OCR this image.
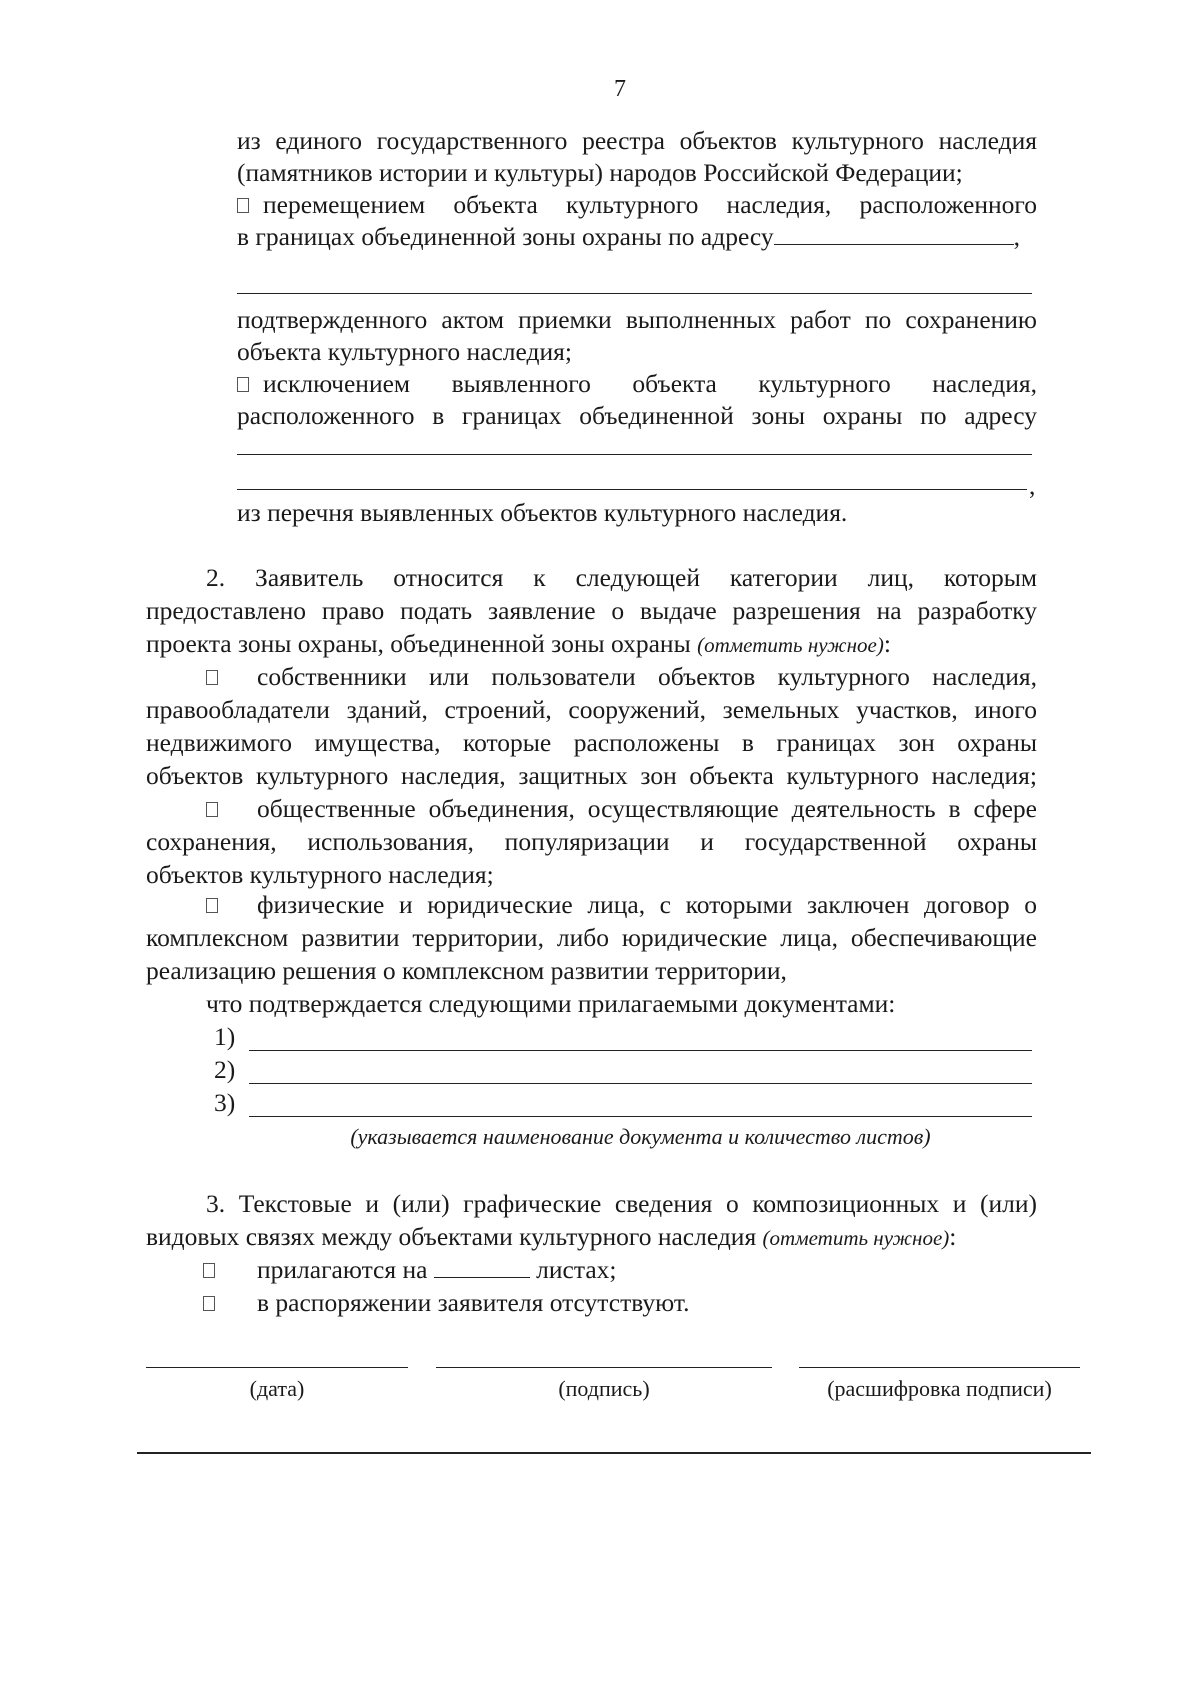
7
из единого государственного реестра объектов культурного наследия
(памятников истории и культуры) народов Российской Федерации;
перемещением объекта культурного наследия, расположенного
в границах объединенной зоны охраны по адресу	,
подтвержденного актом приемки выполненных работ по сохранению
объекта культурного наследия;
исключением выявленного объекта культурного наследия,
расположенного в границах объединенной зоны охраны по адресу
,
из перечня выявленных объектов культурного наследия.
2. Заявитель относится к следующей категории лиц, которым
предоставлено право подать заявление о выдаче разрешения на разработку
проекта зоны охраны, объединенной зоны охраны (отметить нужное):
собственники или пользователи объектов культурного наследия,
правообладатели зданий, строений, сооружений, земельных участков, иного
недвижимого имущества, которые расположены в границах зон охраны
объектов культурного наследия, защитных зон объекта культурного наследия;
общественные объединения, осуществляющие деятельность в сфере
сохранения, использования, популяризации и государственной охраны
объектов культурного наследия;
физические и юридические лица, с которыми заключен договор о
комплексном развитии территории, либо юридические лица, обеспечивающие
реализацию решения о комплексном развитии территории,
что подтверждается следующими прилагаемыми документами:
1)
2)
3)
(указывается наименование документа и количество листов)
3. Текстовые и (или) графические сведения о композиционных и (или)
видовых связях между объектами культурного наследия (отметить нужное):
прилагаются на	листах;
в распоряжении заявителя отсутствуют.
(дата)	(подпись)	(расшифровка подписи)
